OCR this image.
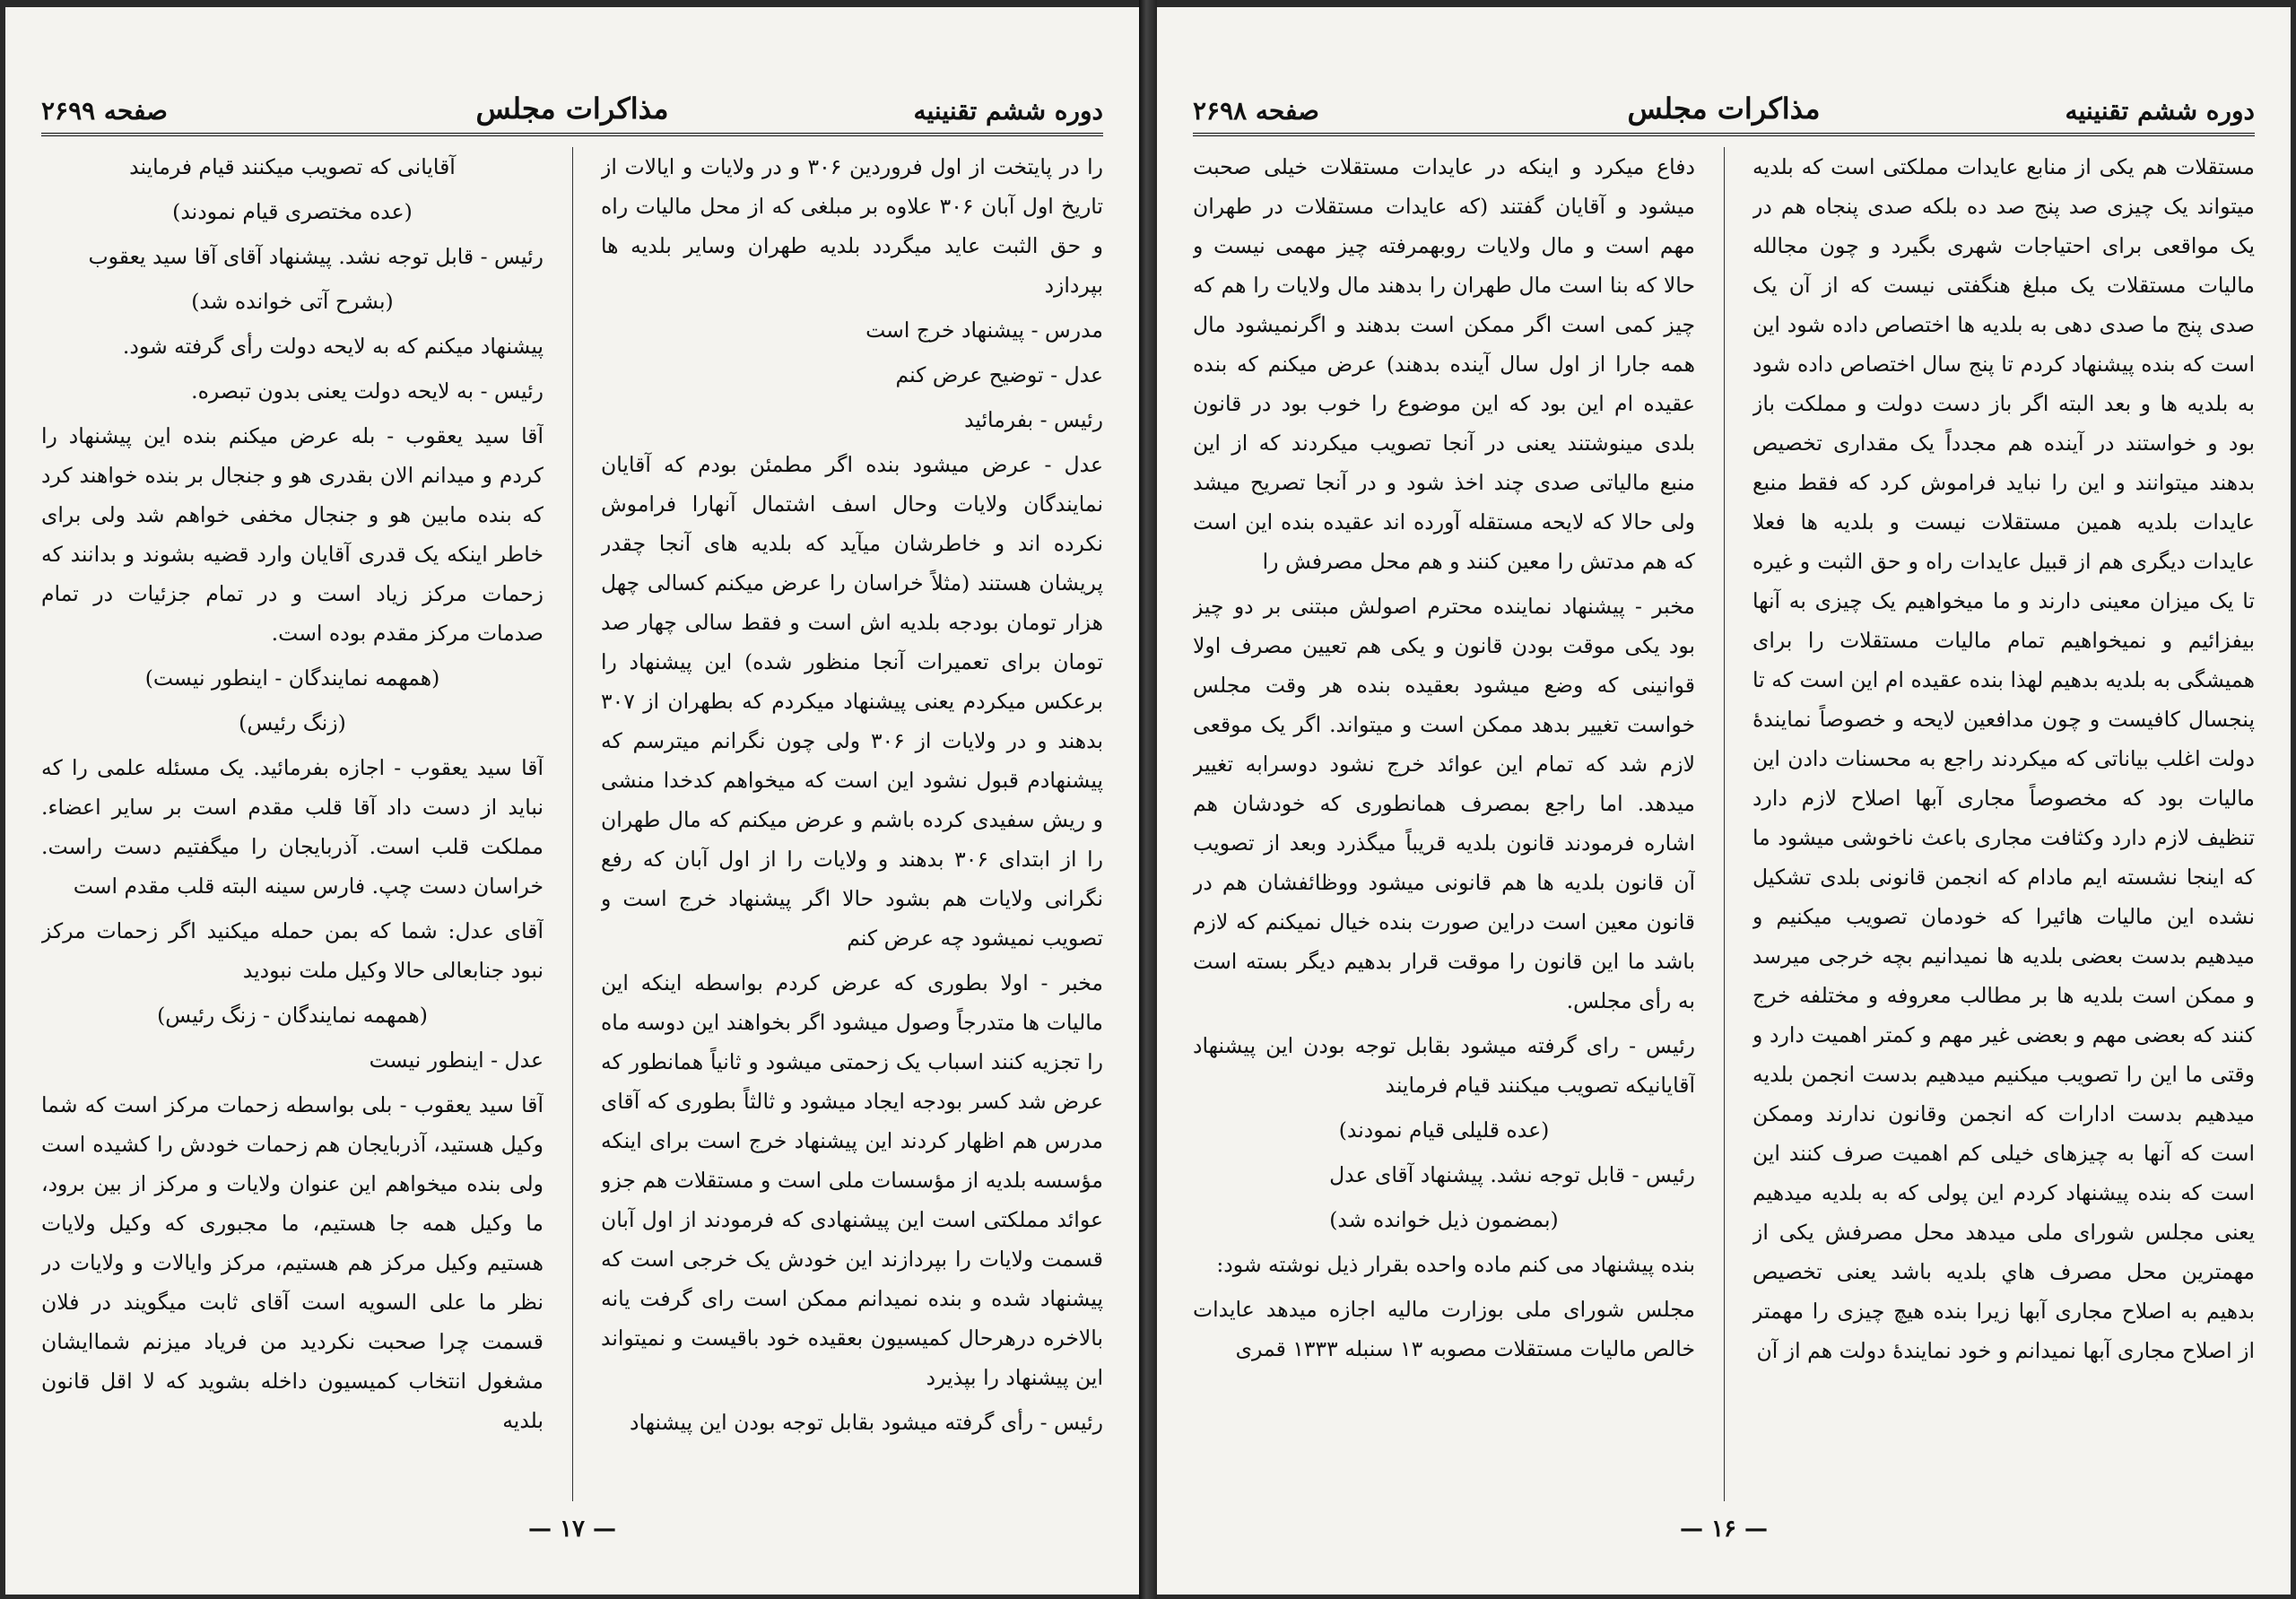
دوره ششم تقنینیه
مذاکرات مجلس
صفحه ۲۶۹۹

را در پایتخت از اول فروردین ۳۰۶ و در ولایات و ایالات از تاریخ اول آبان ۳۰۶ علاوه بر مبلغی که از محل مالیات راه و حق الثبت عاید میگردد بلدیه طهران وسایر بلدیه ها بپردازد

مدرس - پیشنهاد خرج است

عدل - توضیح عرض کنم

رئیس - بفرمائید

عدل - عرض میشود بنده اگر مطمئن بودم که آقایان نمایندگان ولایات وحال اسف اشتمال آنهارا فراموش نکرده اند و خاطرشان میآید که بلدیه های آنجا چقدر پریشان هستند (مثلاً خراسان را عرض میکنم کسالی چهل هزار تومان بودجه بلدیه اش است و فقط سالی چهار صد تومان برای تعمیرات آنجا منظور شده) این پیشنهاد را برعکس میکردم یعنی پیشنهاد میکردم که بطهران از ۳۰۷ بدهند و در ولایات از ۳۰۶ ولی چون نگرانم میترسم که پیشنهادم قبول نشود این است که میخواهم کدخدا منشی و ریش سفیدی کرده باشم و عرض میکنم که مال طهران را از ابتدای ۳۰۶ بدهند و ولایات را از اول آبان که رفع نگرانی ولایات هم بشود حالا اگر پیشنهاد خرج است و تصویب نمیشود چه عرض کنم

مخبر - اولا بطوری که عرض کردم بواسطه اینکه این مالیات ها متدرجاً وصول میشود اگر بخواهند این دوسه ماه را تجزیه کنند اسباب یک زحمتی میشود و ثانیاً همانطور که عرض شد کسر بودجه ایجاد میشود و ثالثاً بطوری که آقای مدرس هم اظهار کردند این پیشنهاد خرج است برای اینکه مؤسسه بلدیه از مؤسسات ملی است و مستقلات هم جزو عوائد مملکتی است این پیشنهادی که فرمودند از اول آبان قسمت ولایات را بپردازند این خودش یک خرجی است که پیشنهاد شده و بنده نمیدانم ممکن است رای گرفت یانه بالاخره درهرحال کمیسیون بعقیده خود باقیست و نمیتواند این پیشنهاد را بپذیرد

رئیس - رأی گرفته میشود بقابل توجه بودن این پیشنهاد

آقایانی که تصویب میکنند قیام فرمایند

(عده مختصری قیام نمودند)

رئیس - قابل توجه نشد. پیشنهاد آقای آقا سید یعقوب

(بشرح آتی خوانده شد)

پیشنهاد میکنم که به لایحه دولت رأی گرفته شود.

رئیس - به لایحه دولت یعنی بدون تبصره.

آقا سید یعقوب - بله عرض میکنم بنده این پیشنهاد را کردم و میدانم الان بقدری هو و جنجال بر بنده خواهند کرد که بنده مابین هو و جنجال مخفی خواهم شد ولی برای خاطر اینکه یک قدری آقایان وارد قضیه بشوند و بدانند که زحمات مرکز زیاد است و در تمام جزئیات در تمام صدمات مرکز مقدم بوده است.

(همهمه نمایندگان - اینطور نیست)

(زنگ رئیس)

آقا سید یعقوب - اجازه بفرمائید. یک مسئله علمی را که نباید از دست داد آقا قلب مقدم است بر سایر اعضاء. مملکت قلب است. آذربایجان را میگفتیم دست راست. خراسان دست چپ. فارس سینه البته قلب مقدم است

آقای عدل: شما که بمن حمله میکنید اگر زحمات مرکز نبود جنابعالی حالا وکیل ملت نبودید

(همهمه نمایندگان - زنگ رئیس)

عدل - اینطور نیست

آقا سید یعقوب - بلی بواسطه زحمات مرکز است که شما وکیل هستید، آذربایجان هم زحمات خودش را کشیده است ولی بنده میخواهم این عنوان ولایات و مرکز از بین برود، ما وکیل همه جا هستیم، ما مجبوری که وکیل ولایات هستیم وکیل مرکز هم هستیم، مرکز وایالات و ولایات در نظر ما علی السویه است آقای ثابت میگویند در فلان قسمت چرا صحبت نکردید من فریاد میزنم شماایشان مشغول انتخاب کمیسیون داخله بشوید که لا اقل قانون بلدیه

— ۱۷ —
دوره ششم تقنینیه
مذاکرات مجلس
صفحه ۲۶۹۸

مستقلات هم یکی از منابع عایدات مملکتی است که بلدیه میتواند یک چیزی صد پنج صد ده بلکه صدی پنجاه هم در یک مواقعی برای احتیاجات شهری بگیرد و چون مجالله مالیات مستقلات یک مبلغ هنگفتی نیست که از آن یک صدی پنج ما صدی دهی به بلدیه ها اختصاص داده شود این است که بنده پیشنهاد کردم تا پنج سال اختصاص داده شود به بلدیه ها و بعد البته اگر باز دست دولت و مملکت باز بود و خواستند در آینده هم مجدداً یک مقداری تخصیص بدهند میتوانند و این را نباید فراموش کرد که فقط منبع عایدات بلدیه همین مستقلات نیست و بلدیه ها فعلا عایدات دیگری هم از قبیل عایدات راه و حق الثبت و غیره تا یک میزان معینی دارند و ما میخواهیم یک چیزی به آنها بیفزائیم و نمیخواهیم تمام مالیات مستقلات را برای همیشگی به بلدیه بدهیم لهذا بنده عقیده ام این است که تا پنجسال کافیست و چون مدافعین لایحه و خصوصاً نمایندهٔ دولت اغلب بیاناتی که میکردند راجع به محسنات دادن این مالیات بود که مخصوصاً مجاری آبها اصلاح لازم دارد تنظیف لازم دارد وکثافت مجاری باعث ناخوشی میشود ما که اینجا نشسته ایم مادام که انجمن قانونی بلدی تشکیل نشده این مالیات هائیرا که خودمان تصویب میکنیم و میدهیم بدست بعضی بلدیه ها نمیدانیم بچه خرجی میرسد و ممکن است بلدیه ها بر مطالب معروفه و مختلفه خرج کنند که بعضی مهم و بعضی غیر مهم و کمتر اهمیت دارد و وقتی ما این را تصویب میکنیم میدهیم بدست انجمن بلدیه میدهیم بدست ادارات که انجمن وقانون ندارند وممکن است که آنها به چیزهای خیلی کم اهمیت صرف کنند این است که بنده پیشنهاد کردم این پولی که به بلدیه میدهیم یعنی مجلس شورای ملی میدهد محل مصرفش یکی از مهمترین محل مصرف هاي بلدیه باشد یعنی تخصیص بدهیم به اصلاح مجاری آبها زیرا بنده هیچ چیزی را مهمتر از اصلاح مجاری آبها نمیدانم و خود نمایندهٔ دولت هم از آن

دفاع میکرد و اینکه در عایدات مستقلات خیلی صحبت میشود و آقایان گفتند (که عایدات مستقلات در طهران مهم است و مال ولایات روبهمرفته چیز مهمی نیست و حالا که بنا است مال طهران را بدهند مال ولایات را هم که چیز کمی است اگر ممکن است بدهند و اگرنمیشود مال همه جارا از اول سال آینده بدهند) عرض میکنم که بنده عقیده ام این بود که این موضوع را خوب بود در قانون بلدی مینوشتند یعنی در آنجا تصویب میکردند که از این منبع مالیاتی صدی چند اخذ شود و در آنجا تصریح میشد ولی حالا که لایحه مستقله آورده اند عقیده بنده این است که هم مدتش را معین کنند و هم محل مصرفش را

مخبر - پیشنهاد نماینده محترم اصولش مبتنی بر دو چیز بود یکی موقت بودن قانون و یکی هم تعیین مصرف اولا قوانینی که وضع میشود بعقیده بنده هر وقت مجلس خواست تغییر بدهد ممکن است و میتواند. اگر یک موقعی لازم شد که تمام این عوائد خرج نشود دوسرابه تغییر میدهد. اما راجع بمصرف همانطوری که خودشان هم اشاره فرمودند قانون بلدیه قریباً میگذرد وبعد از تصویب آن قانون بلدیه ها هم قانونی میشود ووظائفشان هم در قانون معین است دراین صورت بنده خیال نمیکنم که لازم باشد ما این قانون را موقت قرار بدهیم دیگر بسته است به رأی مجلس.

رئیس - رای گرفته میشود بقابل توجه بودن این پیشنهاد آقایانیکه تصویب میکنند قیام فرمایند

(عده قلیلی قیام نمودند)

رئیس - قابل توجه نشد. پیشنهاد آقای عدل

(بمضمون ذیل خوانده شد)

بنده پیشنهاد می کنم ماده واحده بقرار ذیل نوشته شود:

مجلس شورای ملی بوزارت مالیه اجازه میدهد عایدات خالص مالیات مستقلات مصوبه ۱۳ سنبله ۱۳۳۳ قمری

— ۱۶ —
